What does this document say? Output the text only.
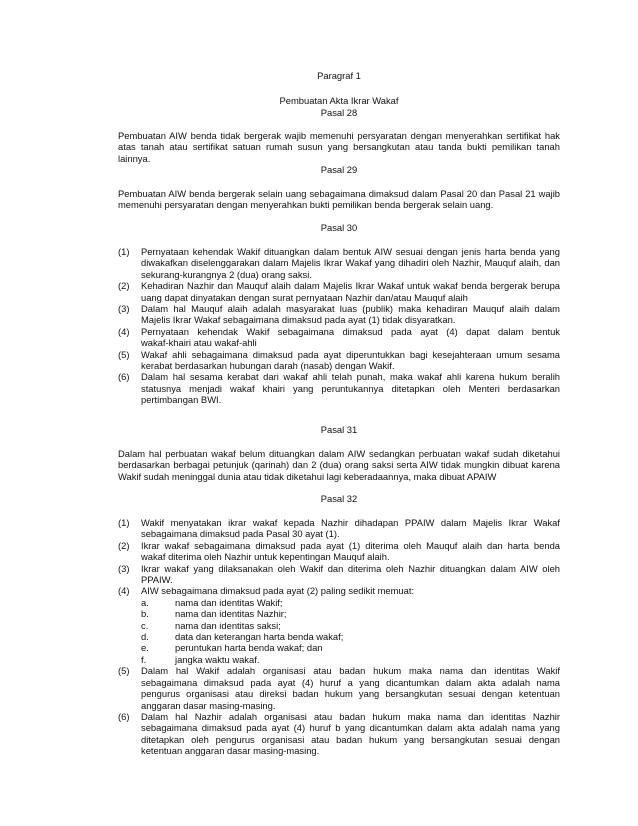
Paragraf 1
Pembuatan Akta Ikrar Wakaf
Pasal 28
Pembuatan AIW benda tidak bergerak wajib memenuhi persyaratan dengan menyerahkan sertifikat hak
atas tanah atau sertifikat satuan rumah susun yang bersangkutan atau tanda bukti pemilikan tanah lainnya.
Pasal 29
Pembuatan AIW benda bergerak selain uang sebagaimana dimaksud dalam Pasal 20 dan Pasal 21 wajib
memenuhi persyaratan dengan menyerahkan bukti pemilikan benda bergerak selain uang.
Pasal 30
(1) Pernyataan kehendak Wakif dituangkan dalam bentuk AIW sesuai dengan jenis harta benda yang
diwakafkan diselenggarakan dalam Majelis Ikrar Wakaf yang dihadiri oleh Nazhir, Mauquf alaih, dan
sekurang-kurangnya 2 (dua) orang saksi.
(2) Kehadiran Nazhir dan Mauquf alaih dalam Majelis Ikrar Wakaf untuk wakaf benda bergerak berupa
uang dapat dinyatakan dengan surat pernyataan Nazhir dan/atau Mauquf alaih
(3) Dalam hal Mauquf alaih adalah masyarakat luas (publik) maka kehadiran Mauquf alaih dalam
Majelis Ikrar Wakaf sebagaimana dimaksud pada ayat (1) tidak disyaratkan.
(4) Pernyataan kehendak Wakif sebagaimana dimaksud pada ayat (4) dapat dalam bentuk
wakaf-khairi atau wakaf-ahli
(5) Wakaf ahli sebagaimana dimaksud pada ayat diperuntukkan bagi kesejahteraan umum sesama
kerabat berdasarkan hubungan darah (nasab) dengan Wakif.
(6) Dalam hal sesama kerabat dari wakaf ahli telah punah, maka wakaf ahli karena hukum beralih
statusnya menjadi wakaf khairi yang peruntukannya ditetapkan oleh Menteri berdasarkan
pertimbangan BWI.
Pasal 31
Dalam hal perbuatan wakaf belum dituangkan dalam AIW sedangkan perbuatan wakaf sudah diketahui
berdasarkan berbagai petunjuk (qarinah) dan 2 (dua) orang saksi serta AIW tidak mungkin dibuat karena
Wakif sudah meninggal dunia atau tidak diketahui lagi keberadaannya, maka dibuat APAIW
Pasal 32
(1) Wakif menyatakan ikrar wakaf kepada Nazhir dihadapan PPAIW dalam Majelis Ikrar Wakaf
sebagaimana dimaksud pada Pasal 30 ayat (1).
(2) Ikrar wakaf sebagaimana dimaksud pada ayat (1) diterima oleh Mauquf alaih dan harta benda
wakaf diterima oleh Nazhir untuk kepentingan Mauquf alaih.
(3) Ikrar wakaf yang dilaksanakan oleh Wakif dan diterima oleh Nazhir dituangkan dalam AIW oleh
PPAIW.
(4) AIW sebagaimana dimaksud pada ayat (2) paling sedikit memuat:
a.	nama dan identitas Wakif;
b.	nama dan identitas Nazhir;
c.	nama dan identitas saksi;
d.	data dan keterangan harta benda wakaf;
e.	peruntukan harta benda wakaf; dan
f.	jangka waktu wakaf.
(5) Dalam hal Wakif adalah organisasi atau badan hukum maka nama dan identitas Wakif
sebagaimana dimaksud pada ayat (4) huruf a yang dicantumkan dalam akta adalah nama
pengurus organisasi atau direksi badan hukum yang bersangkutan sesuai dengan ketentuan
anggaran dasar masing-masing.
(6) Dalam hal Nazhir adalah organisasi atau badan hukum maka nama dan identitas Nazhir
sebagaimana dimaksud pada ayat (4) huruf b yang dicantumkan dalam akta adalah nama yang
ditetapkan oleh pengurus organisasi atau badan hukum yang bersangkutan sesuai dengan
ketentuan anggaran dasar masing-masing.
